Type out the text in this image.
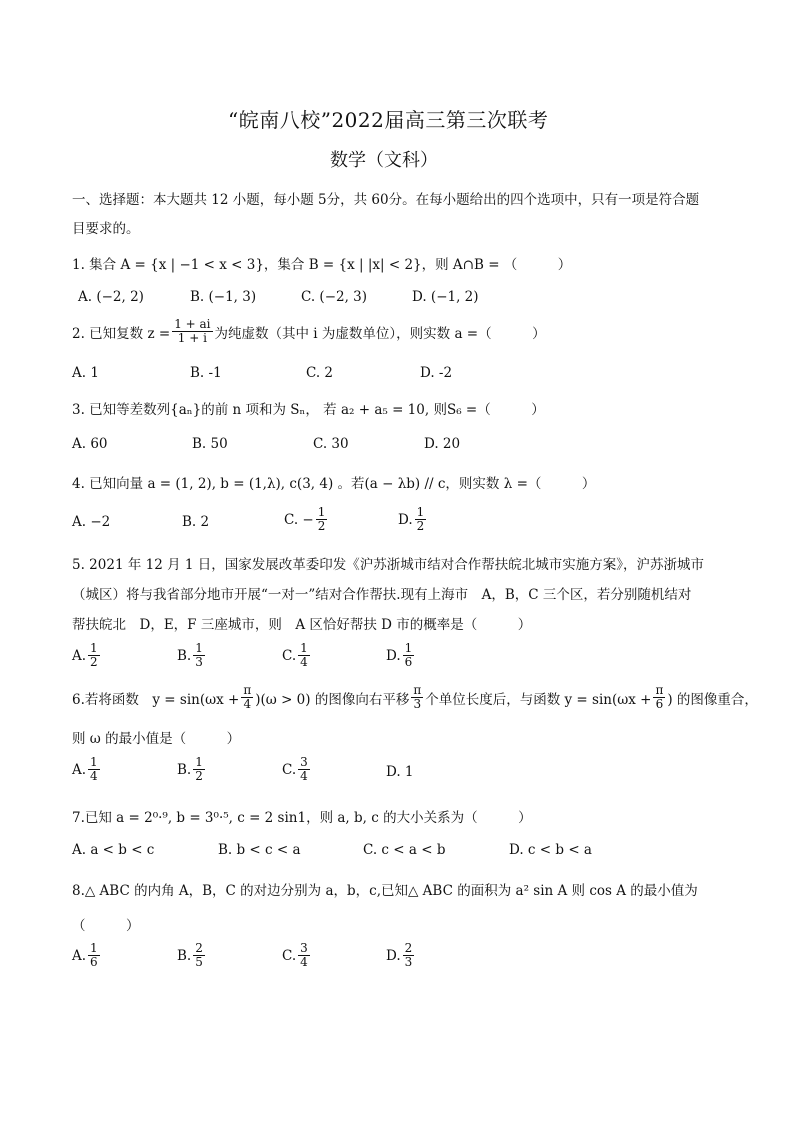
“皖南八校”2022届高三第三次联考
数学（文科）
一、选择题：本大题共 12 小题，每小题 5分，共 60分。在每小题给出的四个选项中，只有一项是符合题
目要求的。
1. 集合 A = {x | −1 < x < 3}，集合 B = {x | |x| < 2}，则 A∩B = （　　　）
A. (−2, 2)	B. (−1, 3)	C. (−2, 3)	D. (−1, 2)
2. 已知复数 $z = \frac{1 + ai}{1 + i}$ 为纯虚数（其中 i 为虚数单位），则实数 a =（　　　）
A. 1	B. -1	C. 2	D. -2
3. 已知等差数列{aₙ}的前 n 项和为 Sₙ， 若 a₂ + a₅ = 10, 则S₆ =（　　　）
A. 60	B. 50	C. 30	D. 20
4. 已知向量 a = (1, 2), b = (1,λ), c(3, 4) 。若(a − λb) // c，则实数 λ =（　　　）
A. −2	B. 2	C. − $\frac{1}{2}$	D. $\frac{1}{2}$
5. 2021 年 12 月 1 日，国家发展改革委印发《沪苏浙城市结对合作帮扶皖北城市实施方案》，沪苏浙城市
（城区）将与我省部分地市开展“一对一”结对合作帮扶.现有上海市　A，B，C 三个区，若分别随机结对
帮扶皖北　D，E，F 三座城市，则　A 区恰好帮扶 D 市的概率是（　　　）
A. $\frac{1}{2}$	B. $\frac{1}{3}$	C. $\frac{1}{4}$	D. $\frac{1}{6}$
6.若将函数　$y = \sin(\omega x + \frac{\pi}{4} )(\omega > 0)$ 的图像向右平移 $\frac{\pi}{3}$ 个单位长度后，与函数 $y = \sin(\omega x + \frac{\pi}{6}$ ) 的图像重合，
则 ω 的最小值是（　　　）
A. $\frac{1}{4}$	B. $\frac{1}{2}$	C. $\frac{3}{4}$	D. 1
7.已知 a = 2⁰·⁹, b = 3⁰·⁵, c = 2 sin1，则 a, b, c 的大小关系为（　　　）
A. a < b < c	B. b < c < a	C. c < a < b	D. c < b < a
8.△ ABC 的内角 A，B，C 的对边分别为 a，b，c,已知△ ABC 的面积为 a² sin A 则 cos A 的最小值为
（　　　）
A. $\frac{1}{6}$	B. $\frac{2}{5}$	C. $\frac{3}{4}$	D. $\frac{2}{3}$
